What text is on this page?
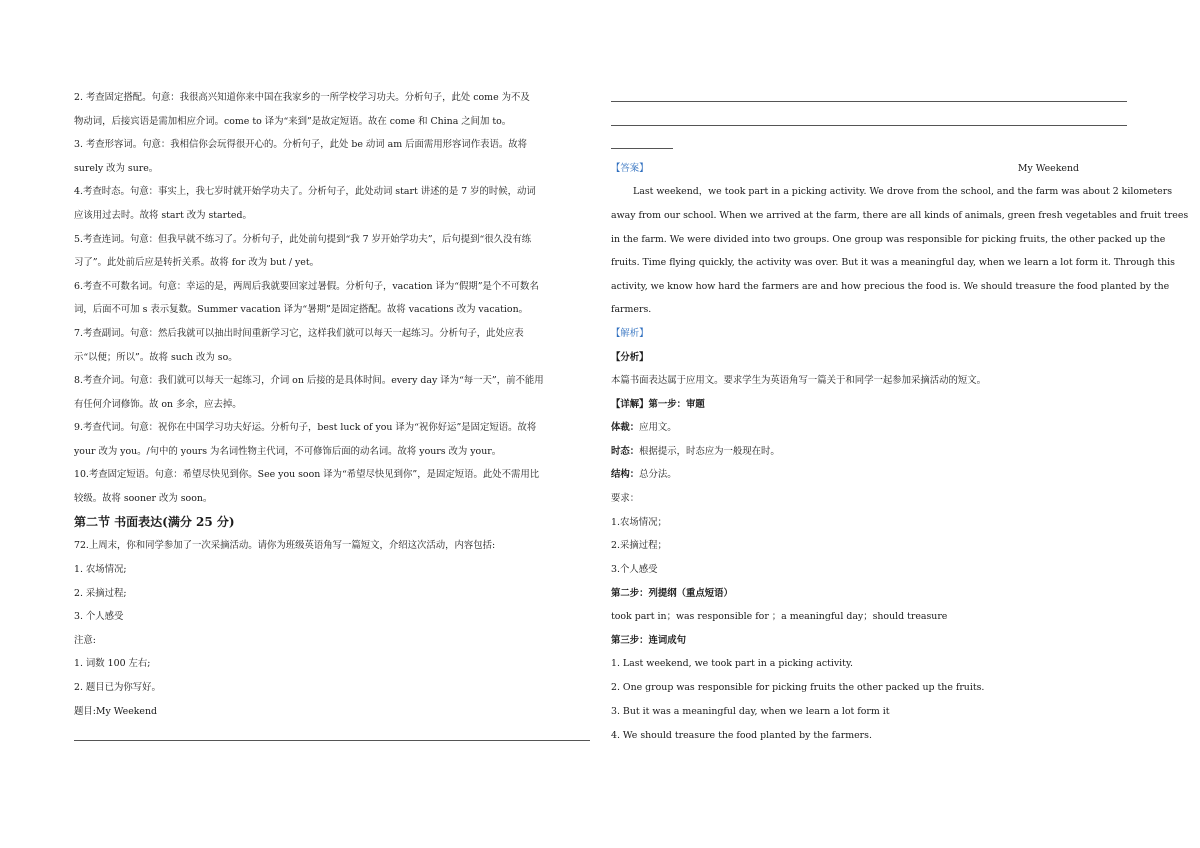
2. 考查固定搭配。句意：我很高兴知道你来中国在我家乡的一所学校学习功夫。分析句子，此处 come 为不及
物动词，后接宾语是需加相应介词。come to 译为“来到”是故定短语。故在 come 和 China 之间加 to。
3. 考查形容词。句意：我相信你会玩得很开心的。分析句子，此处 be 动词 am 后面需用形容词作表语。故将
surely 改为 sure。
4.考查时态。句意：事实上，我七岁时就开始学功夫了。分析句子，此处动词 start 讲述的是 7 岁的时候，动词
应该用过去时。故将 start 改为 started。
5.考查连词。句意：但我早就不练习了。分析句子，此处前句提到“我 7 岁开始学功夫”，后句提到“很久没有练
习了”。此处前后应是转折关系。故将 for 改为 but / yet。
6.考查不可数名词。句意：幸运的是，两周后我就要回家过暑假。分析句子，vacation 译为“假期”是个不可数名
词，后面不可加 s 表示复数。Summer vacation 译为“暑期”是固定搭配。故将 vacations 改为 vacation。
7.考查副词。句意：然后我就可以抽出时间重新学习它，这样我们就可以每天一起练习。分析句子，此处应表
示“以便；所以”。故将 such 改为 so。
8.考查介词。句意：我们就可以每天一起练习，介词 on 后接的是具体时间。every day 译为“每一天”，前不能用
有任何介词修饰。故 on 多余，应去掉。
9.考查代词。句意：祝你在中国学习功夫好运。分析句子，best luck of you 译为“祝你好运”是固定短语。故将
your 改为 you。/句中的 yours 为名词性物主代词，不可修饰后面的动名词。故将 yours 改为 your。
10.考查固定短语。句意：希望尽快见到你。See you soon 译为“希望尽快见到你”，是固定短语。此处不需用比
较级。故将 sooner 改为 soon。
第二节 书面表达(满分 25 分)
72.上周末，你和同学参加了一次采摘活动。请你为班级英语角写一篇短文，介绍这次活动，内容包括:
1. 农场情况;
2. 采摘过程;
3. 个人感受
注意:
1. 词数 100 左右;
2. 题目已为你写好。
题目:My Weekend
【答案】	My Weekend
Last weekend，we took part in a picking activity. We drove from the school, and the farm was about 2 kilometers
away from our school. When we arrived at the farm, there are all kinds of animals, green fresh vegetables and fruit trees
in the farm. We were divided into two groups. One group was responsible for picking fruits, the other packed up the
fruits. Time flying quickly, the activity was over. But it was a meaningful day, when we learn a lot form it. Through this
activity, we know how hard the farmers are and how precious the food is. We should treasure the food planted by the
farmers.
【解析】
【分析】
本篇书面表达属于应用文。要求学生为英语角写一篇关于和同学一起参加采摘活动的短文。
【详解】第一步：审题
体裁：应用文。
时态：根据提示，时态应为一般现在时。
结构：总分法。
要求：
1.农场情况；
2.采摘过程；
3.个人感受
第二步：列提纲（重点短语）
took part in；was responsible for ；a meaningful day；should treasure
第三步：连词成句
1. Last weekend, we took part in a picking activity.
2. One group was responsible for picking fruits the other packed up the fruits.
3. But it was a meaningful day, when we learn a lot form it
4. We should treasure the food planted by the farmers.
